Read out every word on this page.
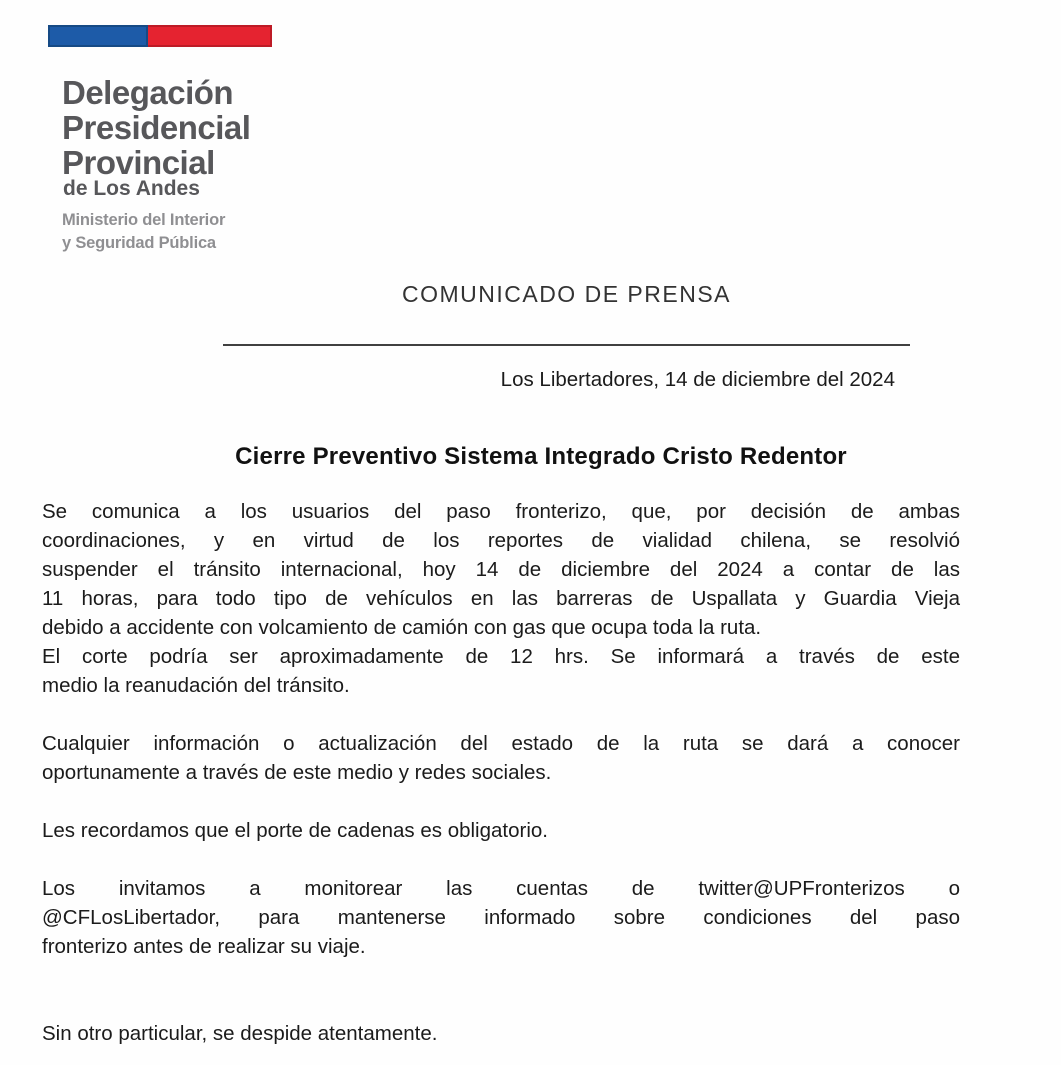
Delegación
Presidencial
Provincial
de Los Andes
Ministerio del Interior
y Seguridad Pública
COMUNICADO DE PRENSA
Los Libertadores, 14 de diciembre del 2024
Cierre Preventivo Sistema Integrado Cristo Redentor
Se comunica a los usuarios del paso fronterizo, que, por decisión de ambas
coordinaciones, y en virtud de los reportes de vialidad chilena, se resolvió
suspender el tránsito internacional, hoy 14 de diciembre del 2024 a contar de las
11 horas, para todo tipo de vehículos en las barreras de Uspallata y Guardia Vieja
debido a accidente con volcamiento de camión con gas que ocupa toda la ruta.
El corte podría ser aproximadamente de 12 hrs. Se informará a través de este
medio la reanudación del tránsito.
Cualquier información o actualización del estado de la ruta se dará a conocer
oportunamente a través de este medio y redes sociales.
Les recordamos que el porte de cadenas es obligatorio.
Los invitamos a monitorear las cuentas de twitter@UPFronterizos o
@CFLosLibertador, para mantenerse informado sobre condiciones del paso
fronterizo antes de realizar su viaje.
Sin otro particular, se despide atentamente.
